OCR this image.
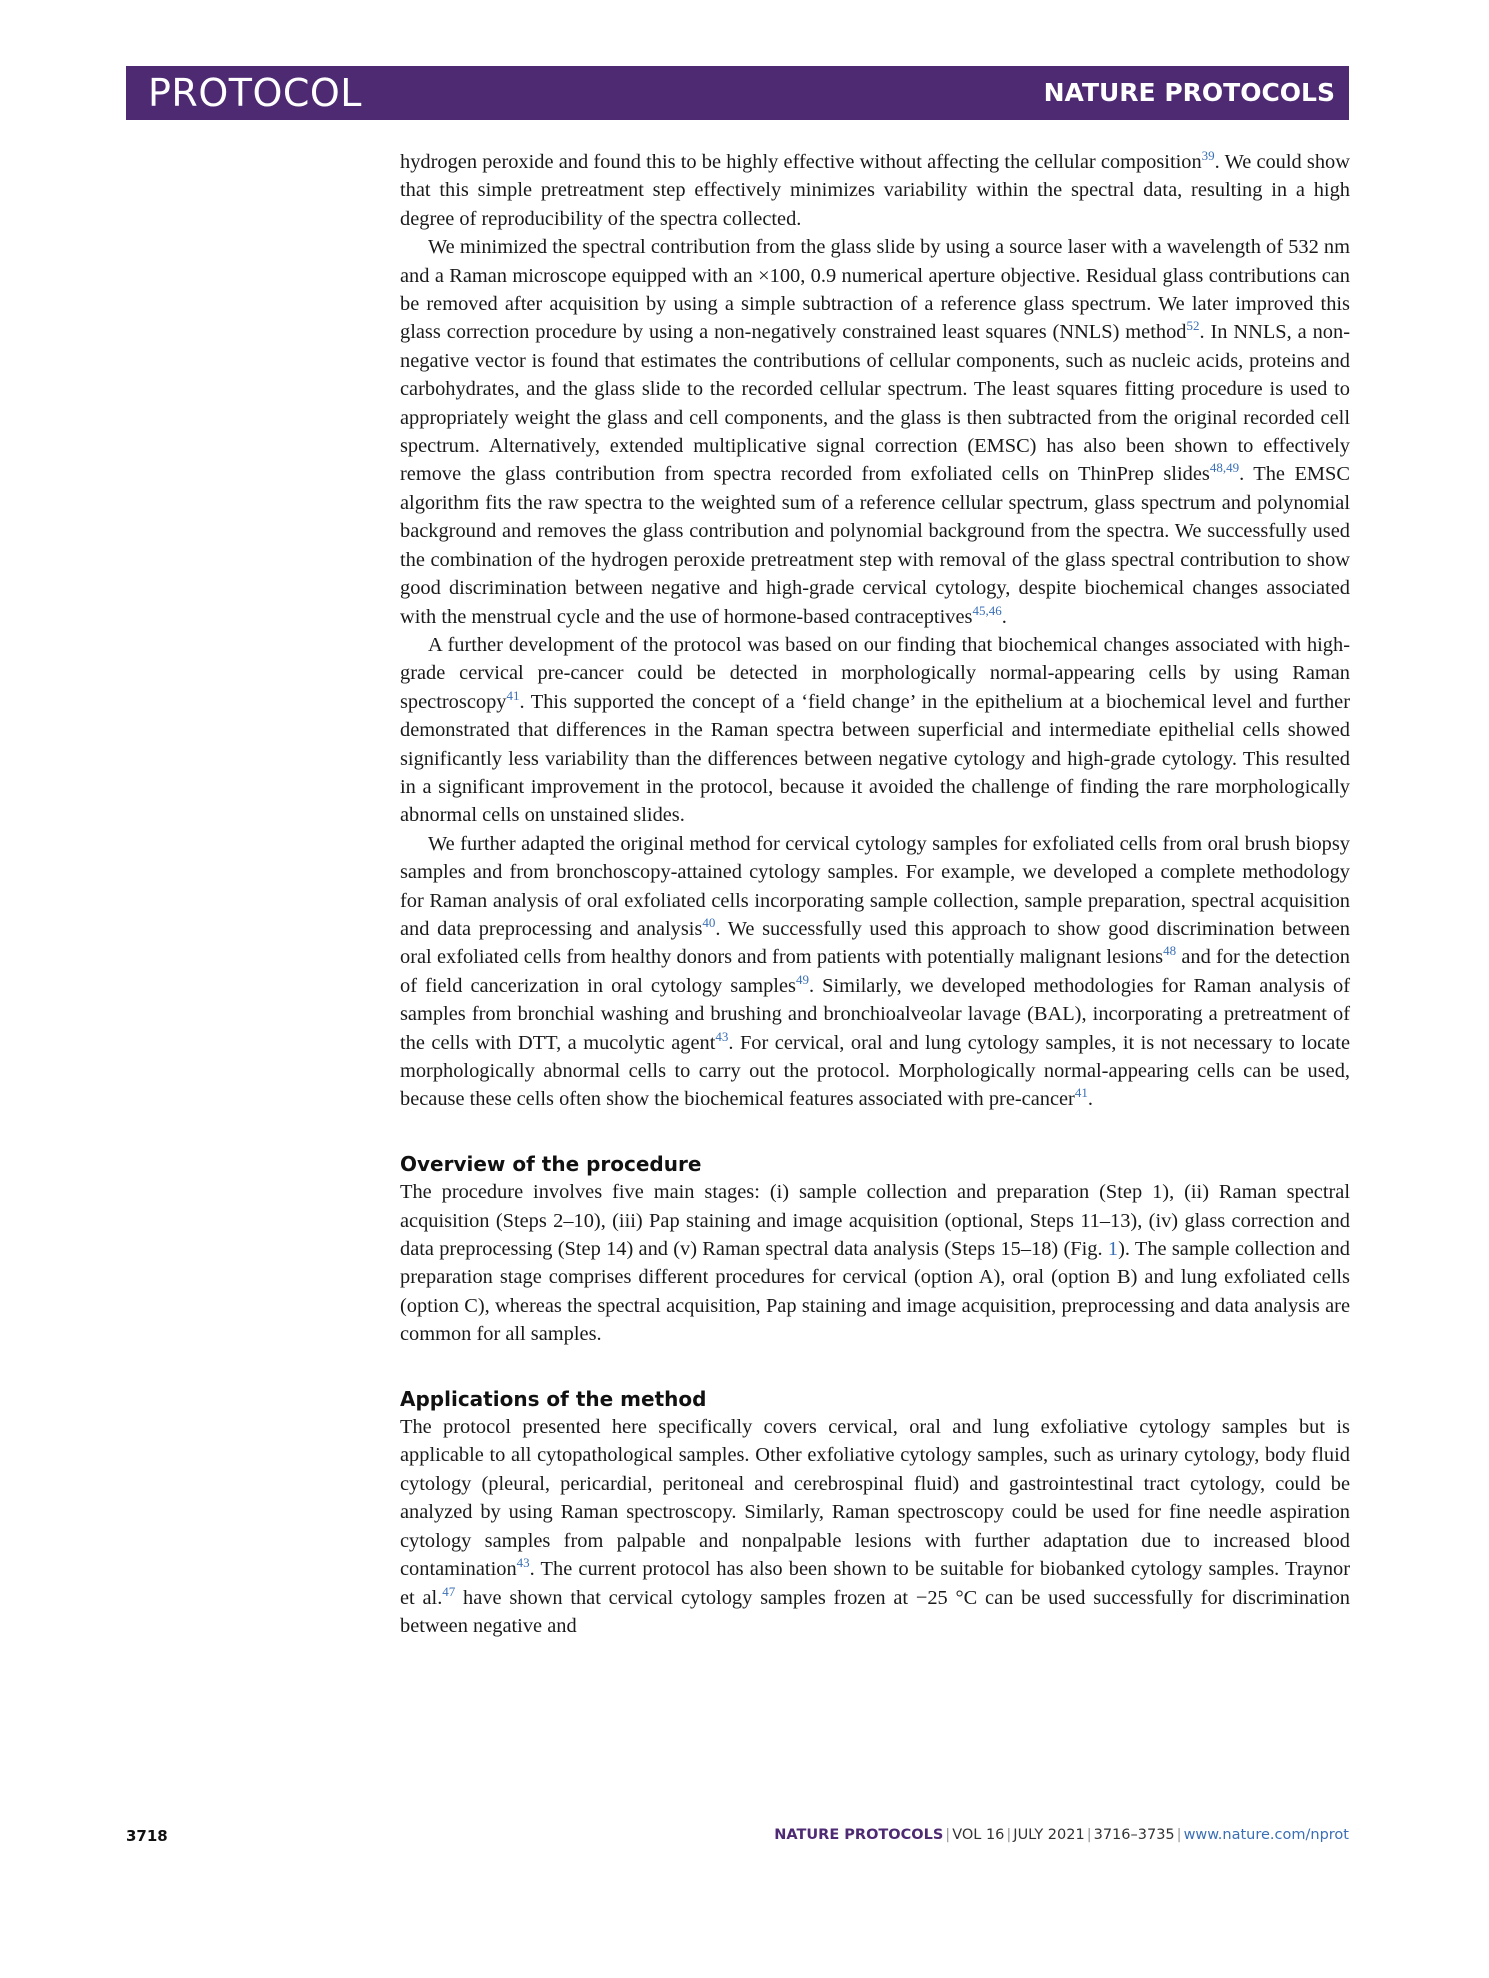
PROTOCOL	NATURE PROTOCOLS

hydrogen peroxide and found this to be highly effective without affecting the cellular composition$^{39}$. We could show that this simple pretreatment step effectively minimizes variability within the spectral data, resulting in a high degree of reproducibility of the spectra collected.

We minimized the spectral contribution from the glass slide by using a source laser with a wavelength of 532 nm and a Raman microscope equipped with an ×100, 0.9 numerical aperture objective. Residual glass contributions can be removed after acquisition by using a simple subtraction of a reference glass spectrum. We later improved this glass correction procedure by using a non-negatively constrained least squares (NNLS) method$^{52}$. In NNLS, a non-negative vector is found that estimates the contributions of cellular components, such as nucleic acids, proteins and carbohydrates, and the glass slide to the recorded cellular spectrum. The least squares fitting procedure is used to appropriately weight the glass and cell components, and the glass is then subtracted from the original recorded cell spectrum. Alternatively, extended multiplicative signal correction (EMSC) has also been shown to effectively remove the glass contribution from spectra recorded from exfoliated cells on ThinPrep slides$^{48,49}$. The EMSC algorithm fits the raw spectra to the weighted sum of a reference cellular spectrum, glass spectrum and polynomial background and removes the glass contribution and polynomial background from the spectra. We successfully used the combination of the hydrogen peroxide pretreatment step with removal of the glass spectral contribution to show good discrimination between negative and high-grade cervical cytology, despite biochemical changes associated with the menstrual cycle and the use of hormone-based contraceptives$^{45,46}$.

A further development of the protocol was based on our finding that biochemical changes associated with high-grade cervical pre-cancer could be detected in morphologically normal-appearing cells by using Raman spectroscopy$^{41}$. This supported the concept of a ‘field change’ in the epithelium at a biochemical level and further demonstrated that differences in the Raman spectra between superficial and intermediate epithelial cells showed significantly less variability than the differences between negative cytology and high-grade cytology. This resulted in a significant improvement in the protocol, because it avoided the challenge of finding the rare morphologically abnormal cells on unstained slides.

We further adapted the original method for cervical cytology samples for exfoliated cells from oral brush biopsy samples and from bronchoscopy-attained cytology samples. For example, we developed a complete methodology for Raman analysis of oral exfoliated cells incorporating sample collection, sample preparation, spectral acquisition and data preprocessing and analysis$^{40}$. We successfully used this approach to show good discrimination between oral exfoliated cells from healthy donors and from patients with potentially malignant lesions$^{48}$ and for the detection of field cancerization in oral cytology samples$^{49}$. Similarly, we developed methodologies for Raman analysis of samples from bronchial washing and brushing and bronchioalveolar lavage (BAL), incorporating a pretreatment of the cells with DTT, a mucolytic agent$^{43}$. For cervical, oral and lung cytology samples, it is not necessary to locate morphologically abnormal cells to carry out the protocol. Morphologically normal-appearing cells can be used, because these cells often show the biochemical features associated with pre-cancer$^{41}$.

Overview of the procedure

The procedure involves five main stages: (i) sample collection and preparation (Step 1), (ii) Raman spectral acquisition (Steps 2–10), (iii) Pap staining and image acquisition (optional, Steps 11–13), (iv) glass correction and data preprocessing (Step 14) and (v) Raman spectral data analysis (Steps 15–18) (Fig. 1). The sample collection and preparation stage comprises different procedures for cervical (option A), oral (option B) and lung exfoliated cells (option C), whereas the spectral acquisition, Pap staining and image acquisition, preprocessing and data analysis are common for all samples.

Applications of the method

The protocol presented here specifically covers cervical, oral and lung exfoliative cytology samples but is applicable to all cytopathological samples. Other exfoliative cytology samples, such as urinary cytology, body fluid cytology (pleural, pericardial, peritoneal and cerebrospinal fluid) and gastrointestinal tract cytology, could be analyzed by using Raman spectroscopy. Similarly, Raman spectroscopy could be used for fine needle aspiration cytology samples from palpable and nonpalpable lesions with further adaptation due to increased blood contamination$^{43}$. The current protocol has also been shown to be suitable for biobanked cytology samples. Traynor et al.$^{47}$ have shown that cervical cytology samples frozen at −25 °C can be used successfully for discrimination between negative and

3718	NATURE PROTOCOLS | VOL 16 | JULY 2021 | 3716–3735 | www.nature.com/nprot
